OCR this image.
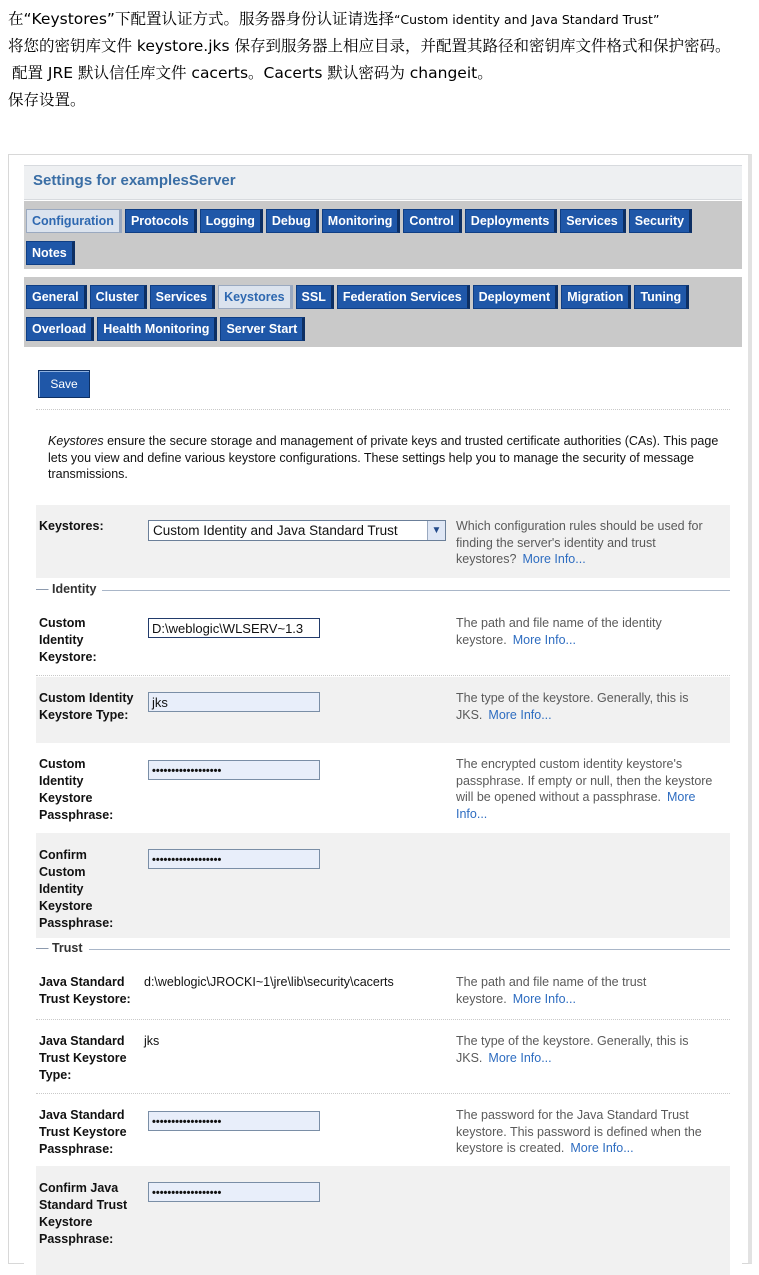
在“Keystores”下配置认证方式。服务器身份认证请选择“Custom identity and Java Standard Trust”

将您的密钥库文件 keystore.jks 保存到服务器上相应目录，并配置其路径和密钥库文件格式和保护密码。

配置 JRE 默认信任库文件 cacerts。Cacerts 默认密码为 changeit。

保存设置。

Settings for examplesServer
Configuration	Protocols	Logging	Debug	Monitoring	Control	Deployments	Services	Security
Notes
General	Cluster	Services	Keystores	SSL	Federation Services	Deployment	Migration	Tuning
Overload	Health Monitoring	Server Start
Save
Keystores ensure the secure storage and management of private keys and trusted certificate authorities (CAs). This page lets you view and define various keystore configurations. These settings help you to manage the security of message transmissions.
Keystores:	Custom Identity and Java Standard Trust	▼ Which configuration rules should be used for finding the server's identity and trust keystores? More Info...
— Identity
Custom Identity Keystore:
D:\weblogic\WLSERV~1.3	The path and file name of the identity keystore. More Info...
Custom Identity Keystore Type:
jks	The type of the keystore. Generally, this is JKS. More Info...
Custom Identity Keystore Passphrase:
••••••••••••••••••	The encrypted custom identity keystore's passphrase. If empty or null, then the keystore will be opened without a passphrase. More Info...
Confirm Custom Identity Keystore Passphrase:
••••••••••••••••••
— Trust
Java Standard Trust Keystore:
d:\weblogic\JROCKI~1\jre\lib\security\cacerts	The path and file name of the trust keystore. More Info...
Java Standard Trust Keystore Type:
jks	The type of the keystore. Generally, this is JKS. More Info...
Java Standard Trust Keystore Passphrase:
••••••••••••••••••	The password for the Java Standard Trust keystore. This password is defined when the keystore is created. More Info...
Confirm Java Standard Trust Keystore Passphrase:
••••••••••••••••••
